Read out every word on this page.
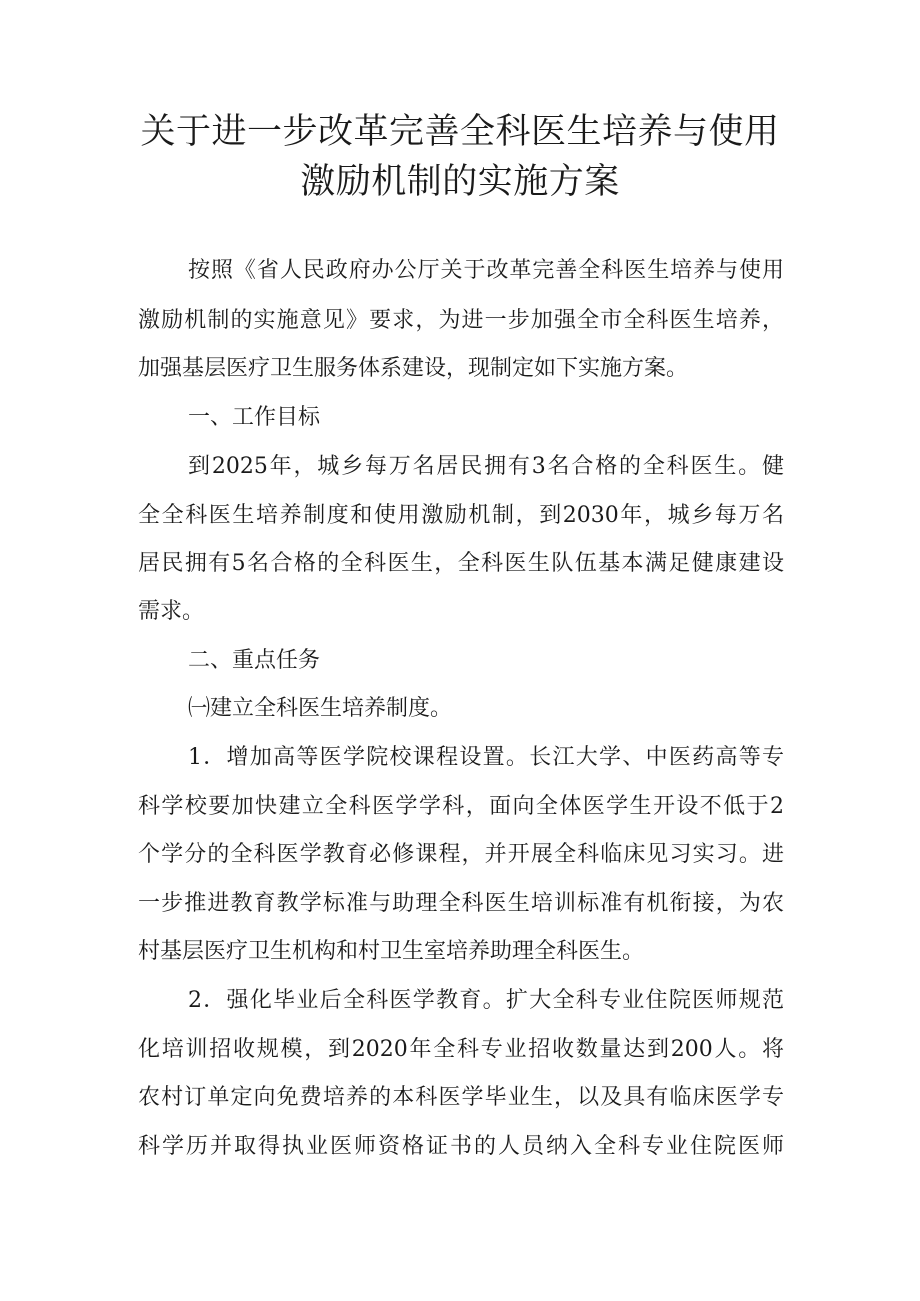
关于进一步改革完善全科医生培养与使用
激励机制的实施方案
按照《省人民政府办公厅关于改革完善全科医生培养与使用
激励机制的实施意见》要求，为进一步加强全市全科医生培养，
加强基层医疗卫生服务体系建设，现制定如下实施方案。
一、工作目标
到2025年，城乡每万名居民拥有3名合格的全科医生。健
全全科医生培养制度和使用激励机制，到2030年，城乡每万名
居民拥有5名合格的全科医生，全科医生队伍基本满足健康建设
需求。
二、重点任务
㈠建立全科医生培养制度。
1．增加高等医学院校课程设置。长江大学、中医药高等专
科学校要加快建立全科医学学科，面向全体医学生开设不低于2
个学分的全科医学教育必修课程，并开展全科临床见习实习。进
一步推进教育教学标准与助理全科医生培训标准有机衔接，为农
村基层医疗卫生机构和村卫生室培养助理全科医生。
2．强化毕业后全科医学教育。扩大全科专业住院医师规范
化培训招收规模，到2020年全科专业招收数量达到200人。将
农村订单定向免费培养的本科医学毕业生，以及具有临床医学专
科学历并取得执业医师资格证书的人员纳入全科专业住院医师
